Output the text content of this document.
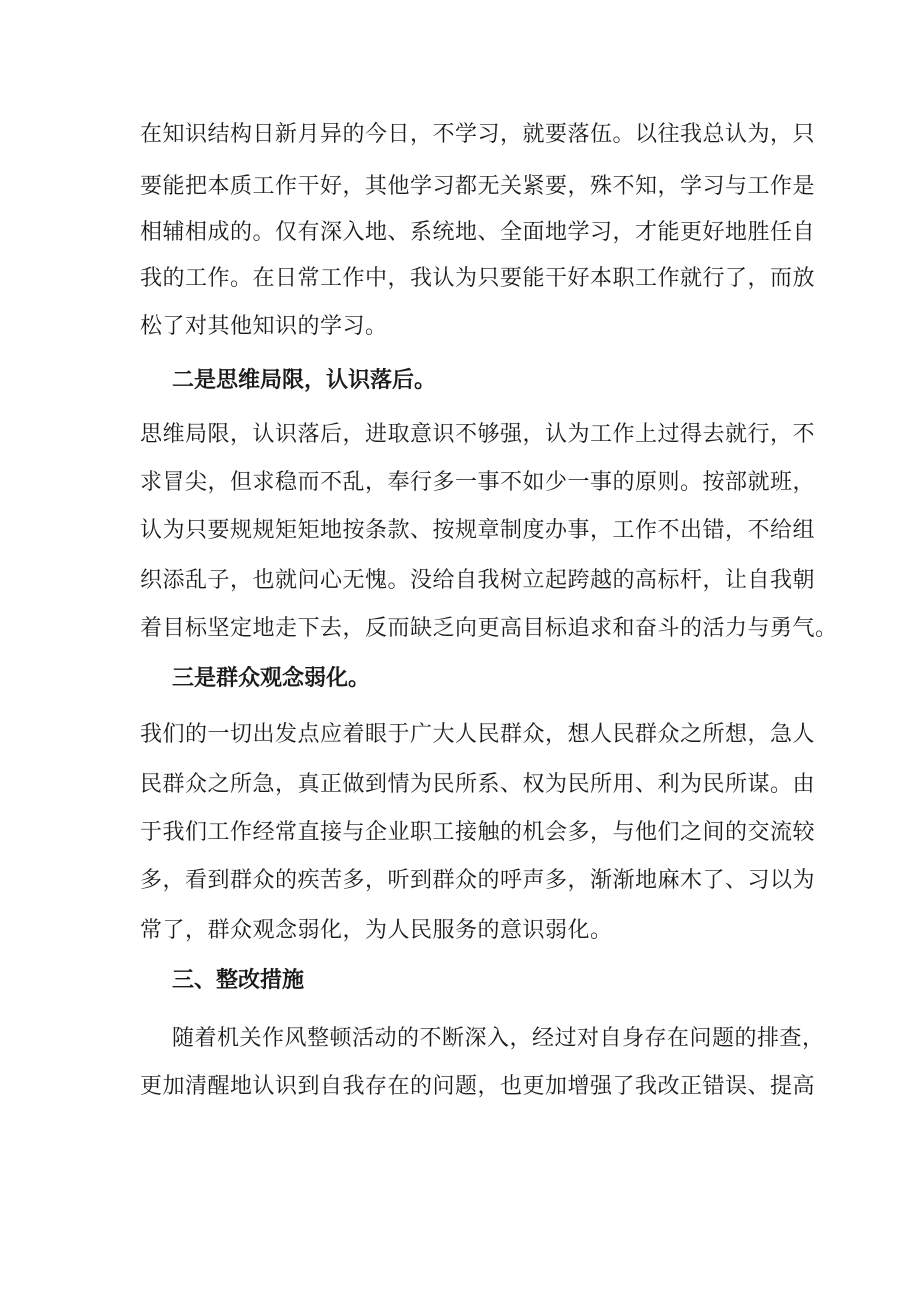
在知识结构日新月异的今日，不学习，就要落伍。以往我总认为，只
要能把本质工作干好，其他学习都无关紧要，殊不知，学习与工作是
相辅相成的。仅有深入地、系统地、全面地学习，才能更好地胜任自
我的工作。在日常工作中，我认为只要能干好本职工作就行了，而放
松了对其他知识的学习。
二是思维局限，认识落后。
思维局限，认识落后，进取意识不够强，认为工作上过得去就行，不
求冒尖，但求稳而不乱，奉行多一事不如少一事的原则。按部就班，
认为只要规规矩矩地按条款、按规章制度办事，工作不出错，不给组
织添乱子，也就问心无愧。没给自我树立起跨越的高标杆，让自我朝
着目标坚定地走下去，反而缺乏向更高目标追求和奋斗的活力与勇气。
三是群众观念弱化。
我们的一切出发点应着眼于广大人民群众，想人民群众之所想，急人
民群众之所急，真正做到情为民所系、权为民所用、利为民所谋。由
于我们工作经常直接与企业职工接触的机会多，与他们之间的交流较
多，看到群众的疾苦多，听到群众的呼声多，渐渐地麻木了、习以为
常了，群众观念弱化，为人民服务的意识弱化。
三、整改措施
随着机关作风整顿活动的不断深入，经过对自身存在问题的排查，
更加清醒地认识到自我存在的问题，也更加增强了我改正错误、提高
